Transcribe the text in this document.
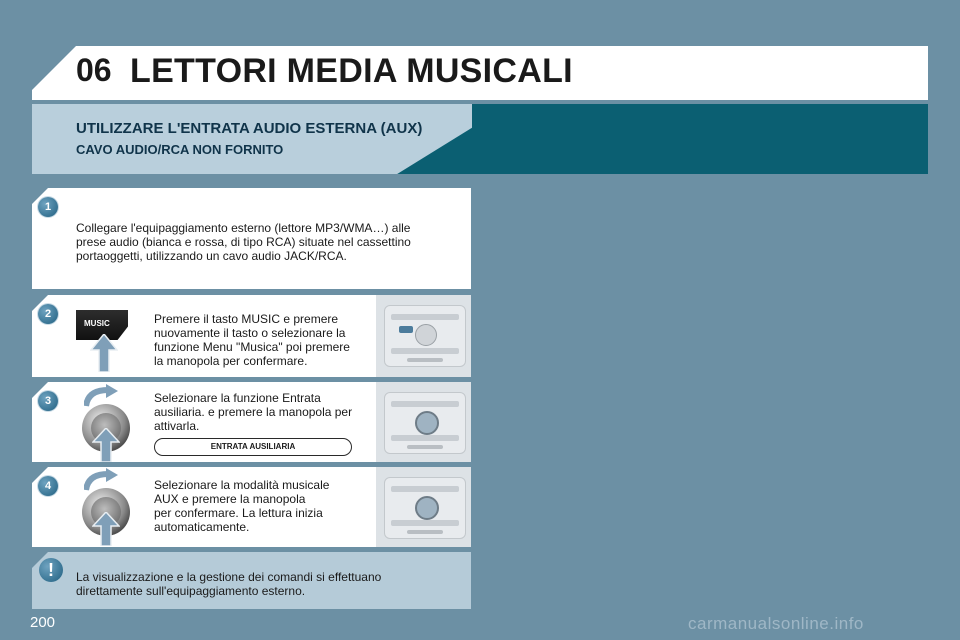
06 LETTORI MEDIA MUSICALI
UTILIZZARE L'ENTRATA AUDIO ESTERNA (AUX)
CAVO AUDIO/RCA NON FORNITO
1
Collegare l'equipaggiamento esterno (lettore MP3/WMA…) alle
prese audio (bianca e rossa, di tipo RCA) situate nel cassettino
portaoggetti, utilizzando un cavo audio JACK/RCA.
2
MUSIC	Premere il tasto MUSIC e premere
nuovamente il tasto o selezionare la
funzione Menu "Musica" poi premere
la manopola per confermare.
3	Selezionare la funzione Entrata
ausiliaria. e premere la manopola per
attivarla.
ENTRATA AUSILIARIA
4	Selezionare la modalità musicale
AUX e premere la manopola
per confermare. La lettura inizia
automaticamente.
!	La visualizzazione e la gestione dei comandi si effettuano
direttamente sull'equipaggiamento esterno.
200	carmanualsonline.info
